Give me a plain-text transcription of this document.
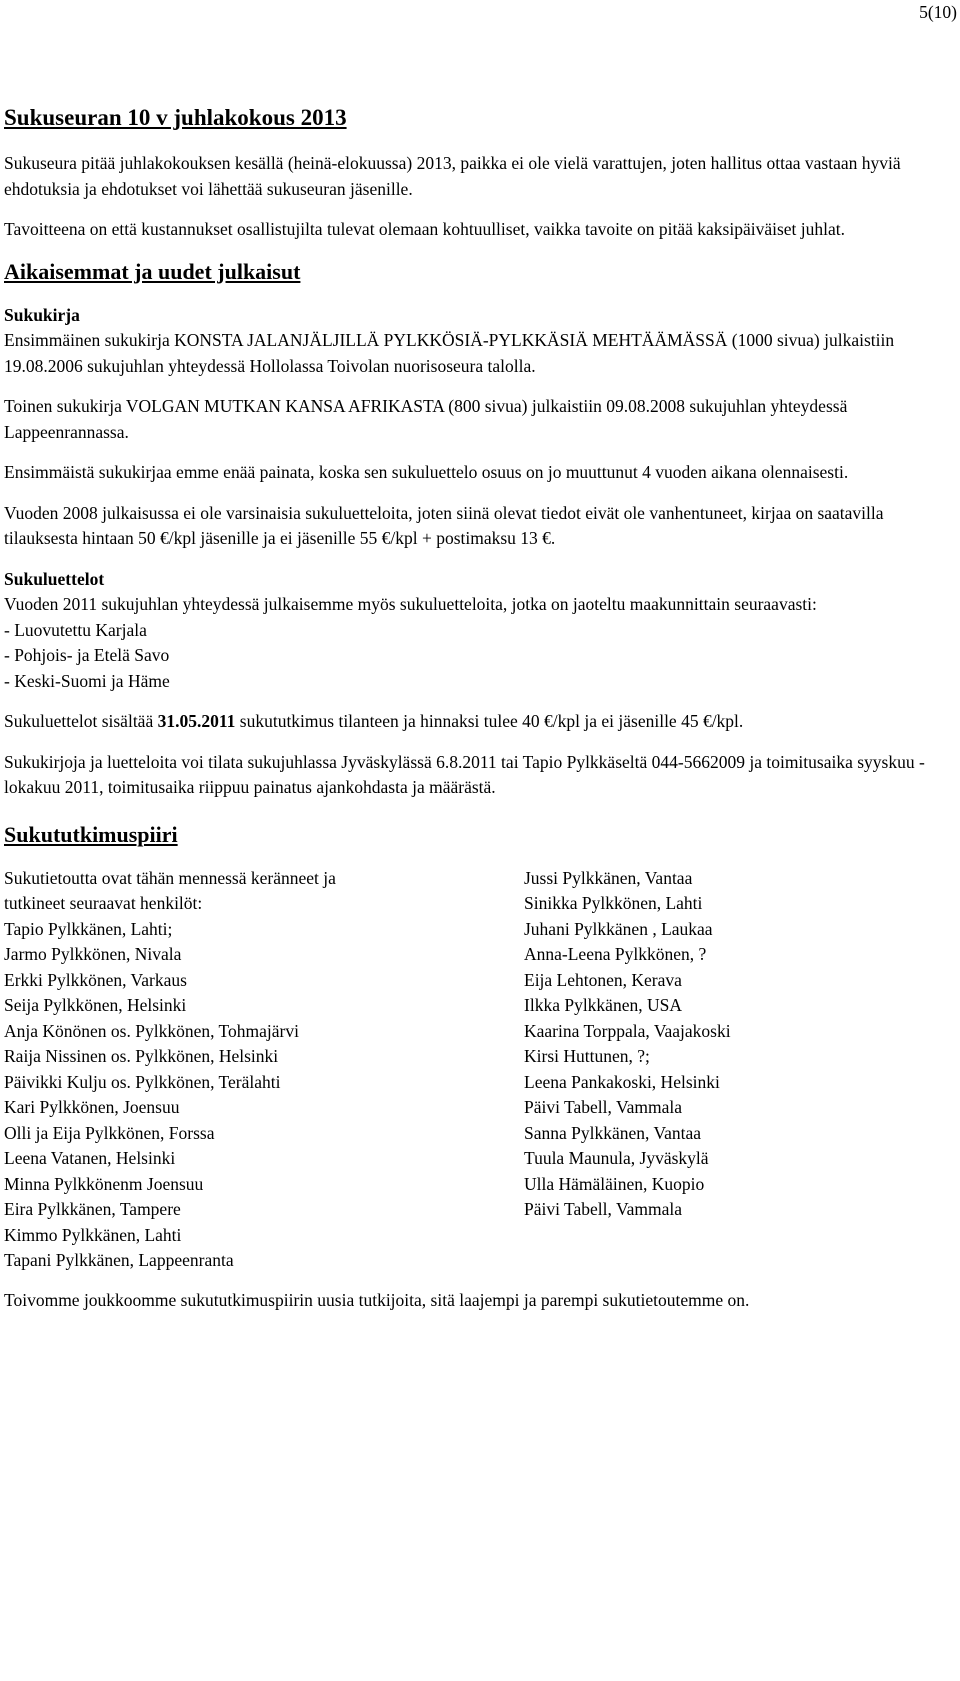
5(10)
Sukuseuran 10 v juhlakokous 2013

Sukuseura pitää juhlakokouksen kesällä (heinä-elokuussa) 2013, paikka ei ole vielä varattujen, joten hallitus ottaa vastaan hyviä ehdotuksia ja ehdotukset voi lähettää sukuseuran jäsenille.

Tavoitteena on että kustannukset osallistujilta tulevat olemaan kohtuulliset, vaikka tavoite on pitää kaksipäiväiset juhlat.

Aikaisemmat ja uudet julkaisut

Sukukirja

Ensimmäinen sukukirja KONSTA JALANJÄLJILLÄ PYLKKÖSIÄ-PYLKKÄSIÄ MEHTÄÄMÄSSÄ (1000 sivua) julkaistiin 19.08.2006 sukujuhlan yhteydessä Hollolassa Toivolan nuorisoseura talolla.

Toinen sukukirja VOLGAN MUTKAN KANSA AFRIKASTA (800 sivua) julkaistiin 09.08.2008 sukujuhlan yhteydessä Lappeenrannassa.

Ensimmäistä sukukirjaa emme enää painata, koska sen sukuluettelo osuus on jo muuttunut 4 vuoden aikana olennaisesti.

Vuoden 2008 julkaisussa ei ole varsinaisia sukuluetteloita, joten siinä olevat tiedot eivät ole vanhentuneet, kirjaa on saatavilla tilauksesta hintaan 50 €/kpl jäsenille ja ei jäsenille 55 €/kpl + postimaksu 13 €.

Sukuluettelot

Vuoden 2011 sukujuhlan yhteydessä julkaisemme myös sukuluetteloita, jotka on jaoteltu maakunnittain seuraavasti:

- Luovutettu Karjala

- Pohjois- ja Etelä Savo

- Keski-Suomi ja Häme

Sukuluettelot sisältää 31.05.2011 sukututkimus tilanteen ja hinnaksi tulee 40 €/kpl ja ei jäsenille 45 €/kpl.

Sukukirjoja ja luetteloita voi tilata sukujuhlassa Jyväskylässä 6.8.2011 tai Tapio Pylkkäseltä 044-5662009 ja toimitusaika syyskuu - lokakuu 2011, toimitusaika riippuu painatus ajankohdasta ja määrästä.

Sukututkimuspiiri
Sukutietoutta ovat tähän mennessä keränneet ja
tutkineet seuraavat henkilöt:
Tapio Pylkkänen, Lahti;
Jarmo Pylkkönen, Nivala
Erkki Pylkkönen, Varkaus
Seija Pylkkönen, Helsinki
Anja Könönen os. Pylkkönen, Tohmajärvi
Raija Nissinen os. Pylkkönen, Helsinki
Päivikki Kulju os. Pylkkönen, Terälahti
Kari Pylkkönen, Joensuu
Olli ja Eija Pylkkönen, Forssa
Leena Vatanen, Helsinki
Minna Pylkkönenm Joensuu
Eira Pylkkänen, Tampere
Kimmo Pylkkänen, Lahti
Tapani Pylkkänen, Lappeenranta
Jussi Pylkkänen, Vantaa
Sinikka Pylkkönen, Lahti
Juhani Pylkkänen , Laukaa
Anna-Leena Pylkkönen, ?
Eija Lehtonen, Kerava
Ilkka Pylkkänen, USA
Kaarina Torppala, Vaajakoski
Kirsi Huttunen, ?;
Leena Pankakoski, Helsinki
Päivi Tabell, Vammala
Sanna Pylkkänen, Vantaa
Tuula Maunula, Jyväskylä
Ulla Hämäläinen, Kuopio
Päivi Tabell, Vammala

Toivomme joukkoomme sukututkimuspiirin uusia tutkijoita, sitä laajempi ja parempi sukutietoutemme on.
